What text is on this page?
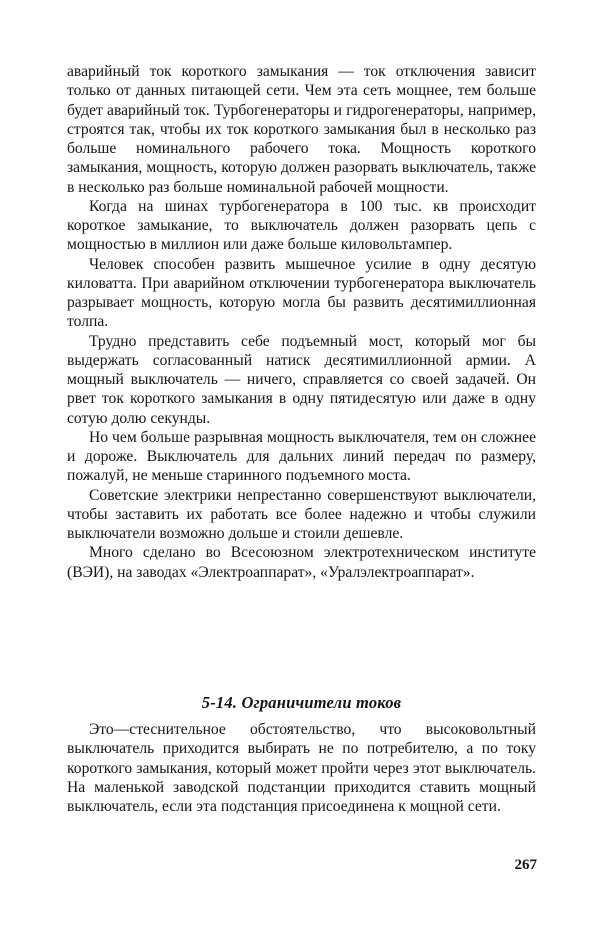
аварийный ток короткого замыкания — ток отключения зависит только от данных питающей сети. Чем эта сеть мощнее, тем больше будет аварийный ток. Турбогенераторы и гидрогенераторы, например, строятся так, чтобы их ток короткого замыкания был в несколько раз больше номинального рабочего тока. Мощность короткого замыкания, мощность, которую должен разорвать выключатель, также в несколько раз больше номинальной рабочей мощности.

Когда на шинах турбогенератора в 100 тыс. кв происходит короткое замыкание, то выключатель должен разорвать цепь с мощностью в миллион или даже больше киловольтампер.

Человек способен развить мышечное усилие в одну десятую киловатта. При аварийном отключении турбогенератора выключатель разрывает мощность, которую могла бы развить десятимиллионная толпа.

Трудно представить себе подъемный мост, который мог бы выдержать согласованный натиск десятимиллионной армии. А мощный выключатель — ничего, справляется со своей задачей. Он рвет ток короткого замыкания в одну пятидесятую или даже в одну сотую долю секунды.

Но чем больше разрывная мощность выключателя, тем он сложнее и дороже. Выключатель для дальних линий передач по размеру, пожалуй, не меньше старинного подъемного моста.

Советские электрики непрестанно совершенствуют выключатели, чтобы заставить их работать все более надежно и чтобы служили выключатели возможно дольше и стоили дешевле.

Много сделано во Всесоюзном электротехническом институте (ВЭИ), на заводах «Электроаппарат», «Уралэлектроаппарат».

5-14. Ограничители токов

Это—стеснительное обстоятельство, что высоковольтный выключатель приходится выбирать не по потребителю, а по току короткого замыкания, который может пройти через этот выключатель. На маленькой заводской подстанции приходится ставить мощный выключатель, если эта подстанция присоединена к мощной сети.

267
